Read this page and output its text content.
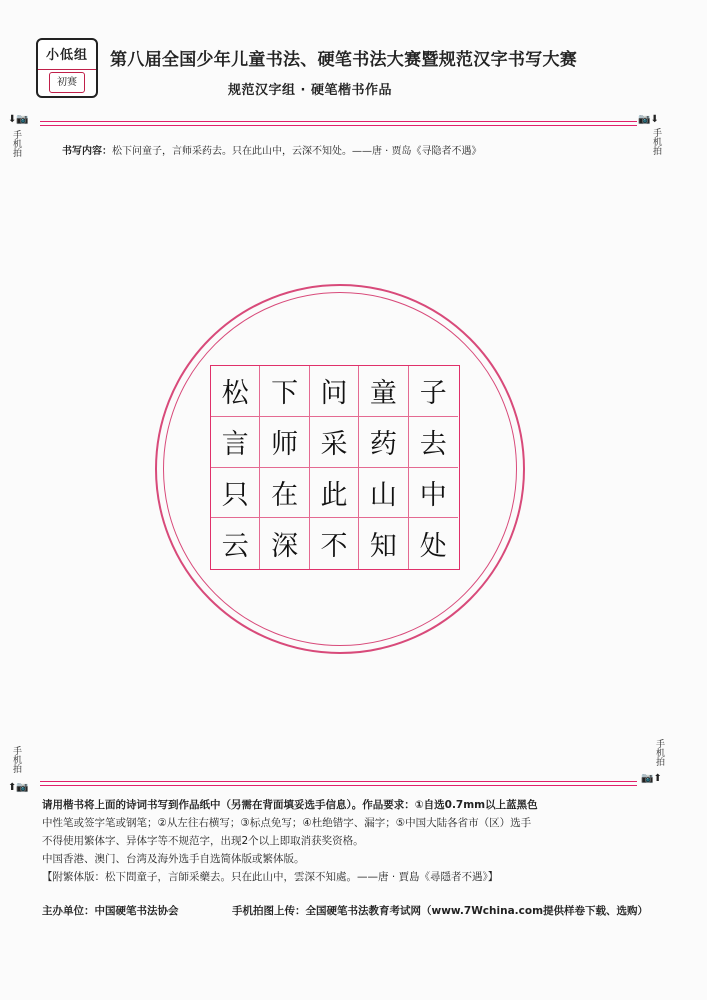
小低组
初赛
第八届全国少年儿童书法、硬笔书法大赛暨规范汉字书写大赛
规范汉字组 · 硬笔楷书作品
⬇📷	📷⬇
手机拍	手机拍
书写内容：松下问童子，言师采药去。只在此山中，云深不知处。——唐 · 贾岛《寻隐者不遇》
松 下 问 童 子
言 师 采 药 去
只 在 此 山 中
云 深 不 知 处
手机拍	手机拍
⬆📷
📷⬆
请用楷书将上面的诗词书写到作品纸中（另需在背面填妥选手信息）。作品要求：①自选0.7mm以上蓝黑色
中性笔或签字笔或钢笔；②从左往右横写；③标点免写；④杜绝错字、漏字；⑤中国大陆各省市（区）选手
不得使用繁体字、异体字等不规范字，出现2个以上即取消获奖资格。
中国香港、澳门、台湾及海外选手自选简体版或繁体版。
【附繁体版：松下問童子，言師采藥去。只在此山中，雲深不知處。——唐 · 賈島《尋隱者不遇》】
主办单位：中国硬笔书法协会	手机拍图上传：全国硬笔书法教育考试网（www.7Wchina.com提供样卷下载、选购）
